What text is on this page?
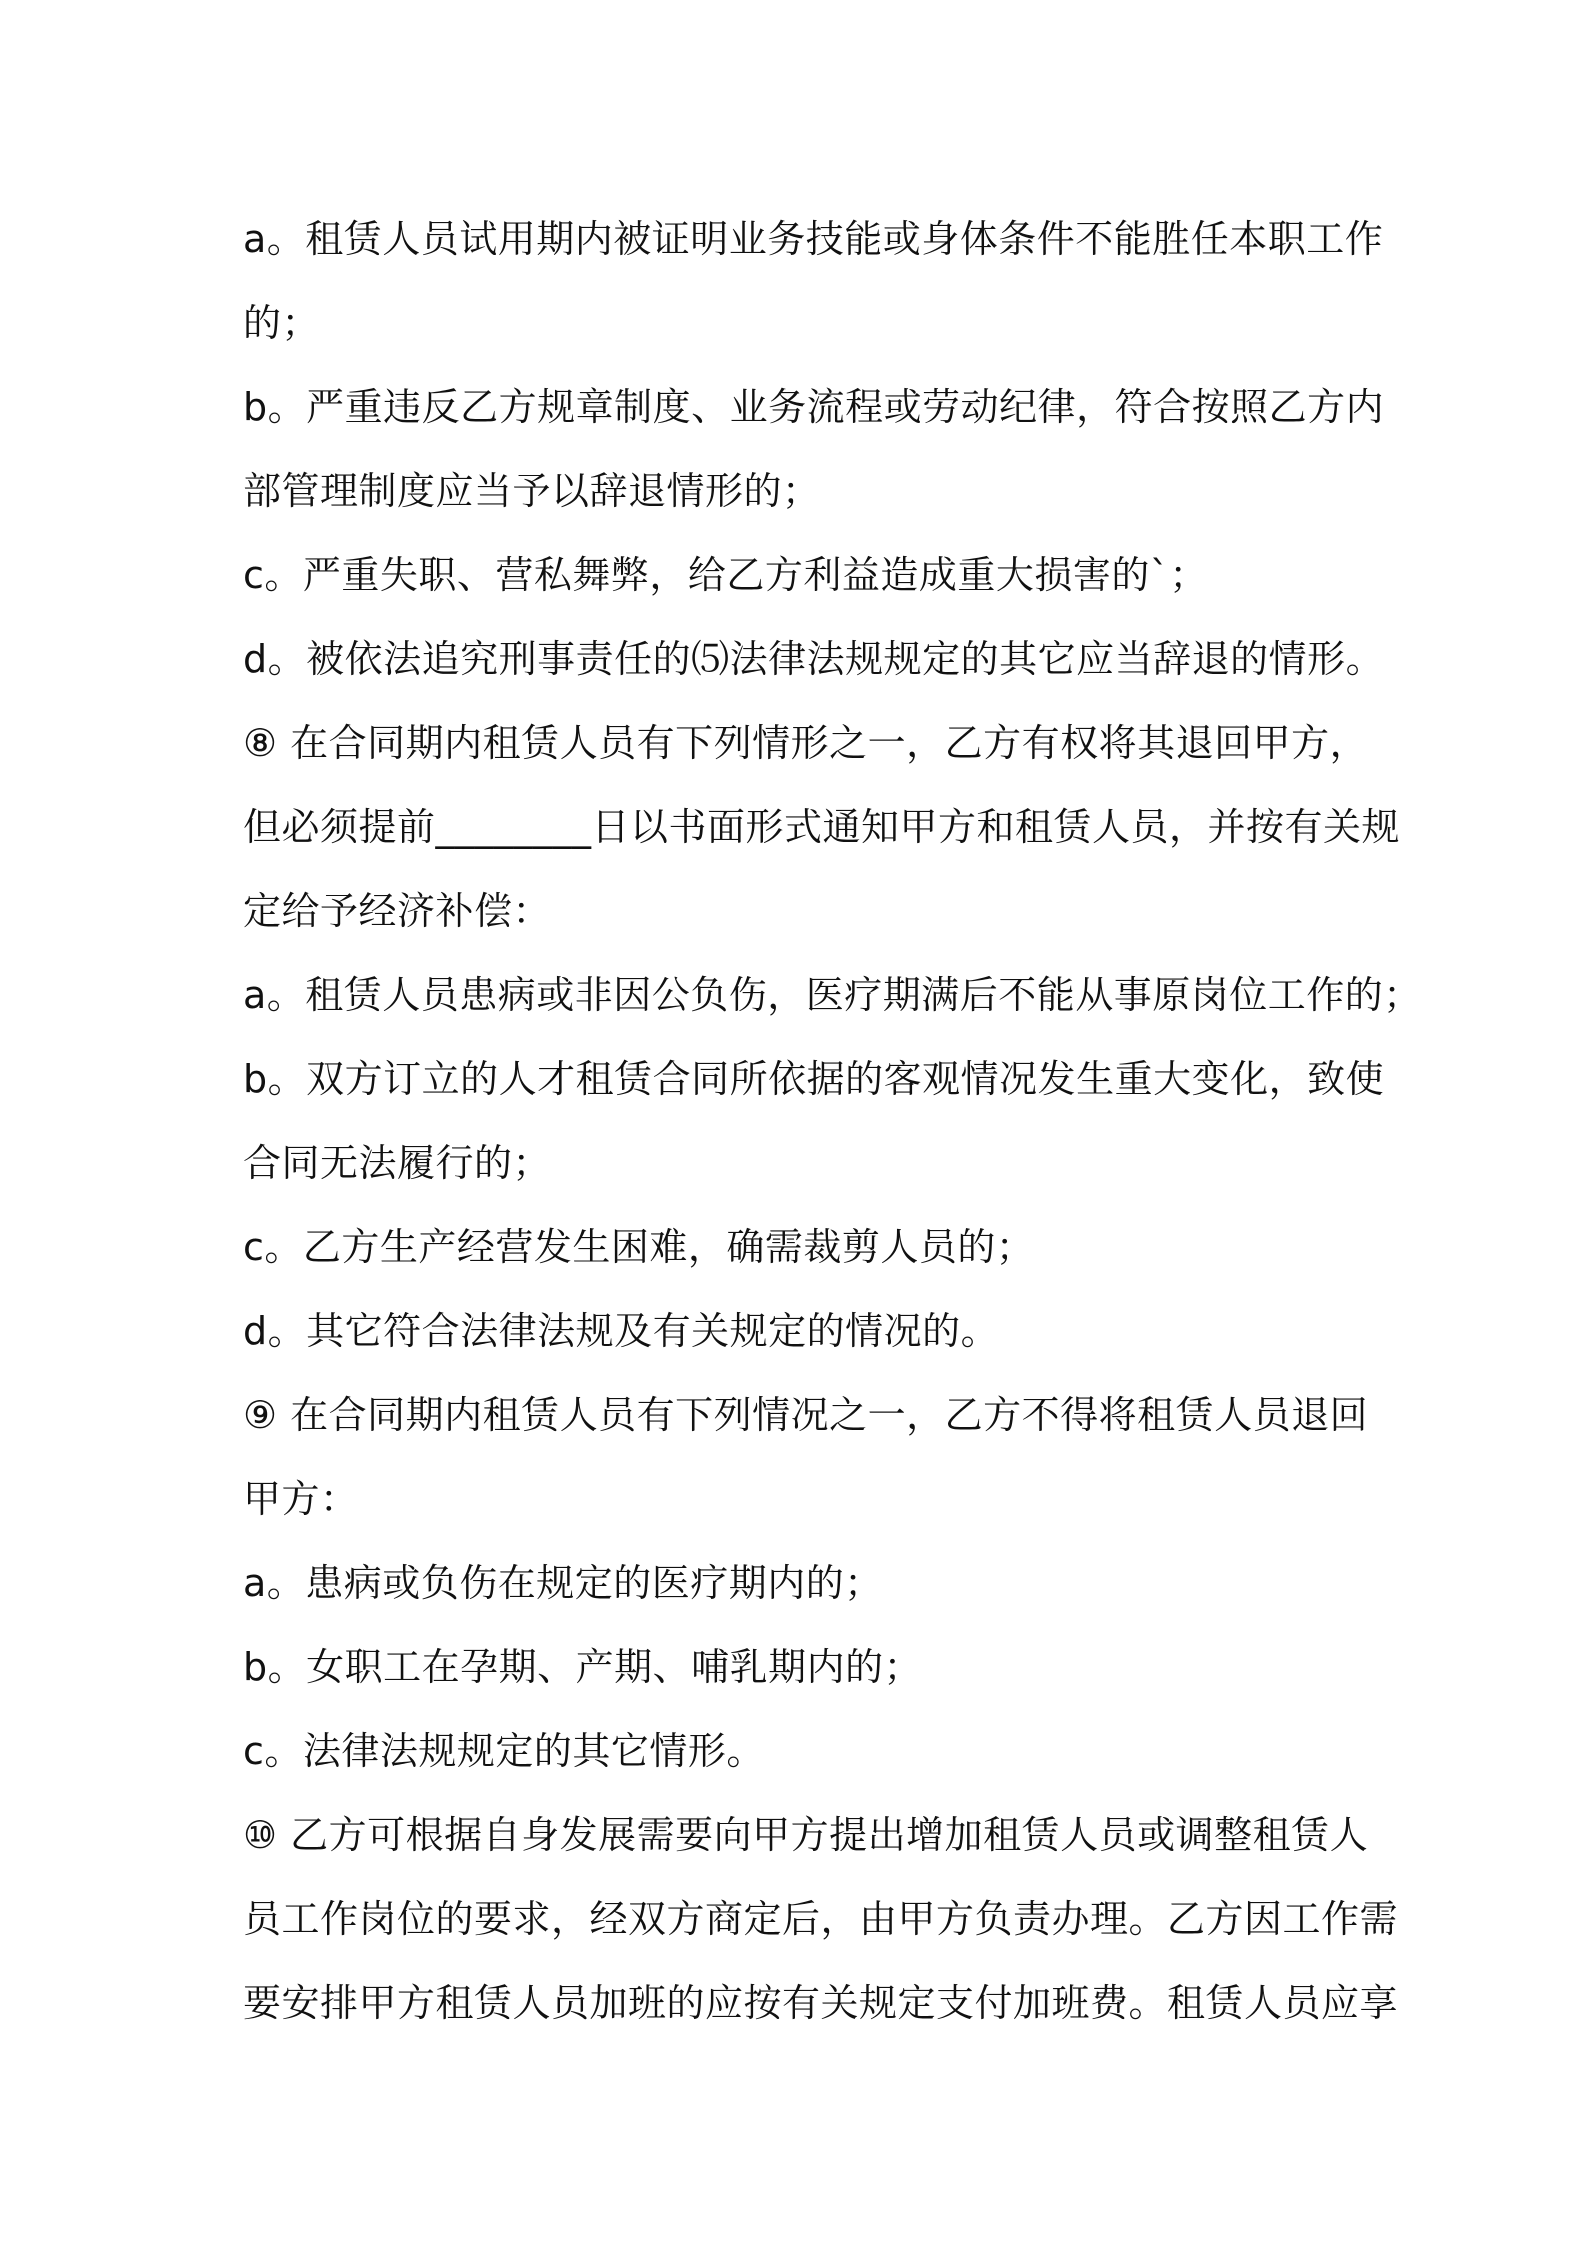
a。租赁人员试用期内被证明业务技能或身体条件不能胜任本职工作
的；
b。严重违反乙方规章制度、业务流程或劳动纪律，符合按照乙方内
部管理制度应当予以辞退情形的；
c。严重失职、营私舞弊，给乙方利益造成重大损害的`；
d。被依法追究刑事责任的⑸法律法规规定的其它应当辞退的情形。
⑧ 在合同期内租赁人员有下列情形之一，乙方有权将其退回甲方，
但必须提前________日以书面形式通知甲方和租赁人员，并按有关规
定给予经济补偿：
a。租赁人员患病或非因公负伤，医疗期满后不能从事原岗位工作的；
b。双方订立的人才租赁合同所依据的客观情况发生重大变化，致使
合同无法履行的；
c。乙方生产经营发生困难，确需裁剪人员的；
d。其它符合法律法规及有关规定的情况的。
⑨ 在合同期内租赁人员有下列情况之一，乙方不得将租赁人员退回
甲方：
a。患病或负伤在规定的医疗期内的；
b。女职工在孕期、产期、哺乳期内的；
c。法律法规规定的其它情形。
⑩ 乙方可根据自身发展需要向甲方提出增加租赁人员或调整租赁人
员工作岗位的要求，经双方商定后，由甲方负责办理。乙方因工作需
要安排甲方租赁人员加班的应按有关规定支付加班费。租赁人员应享
